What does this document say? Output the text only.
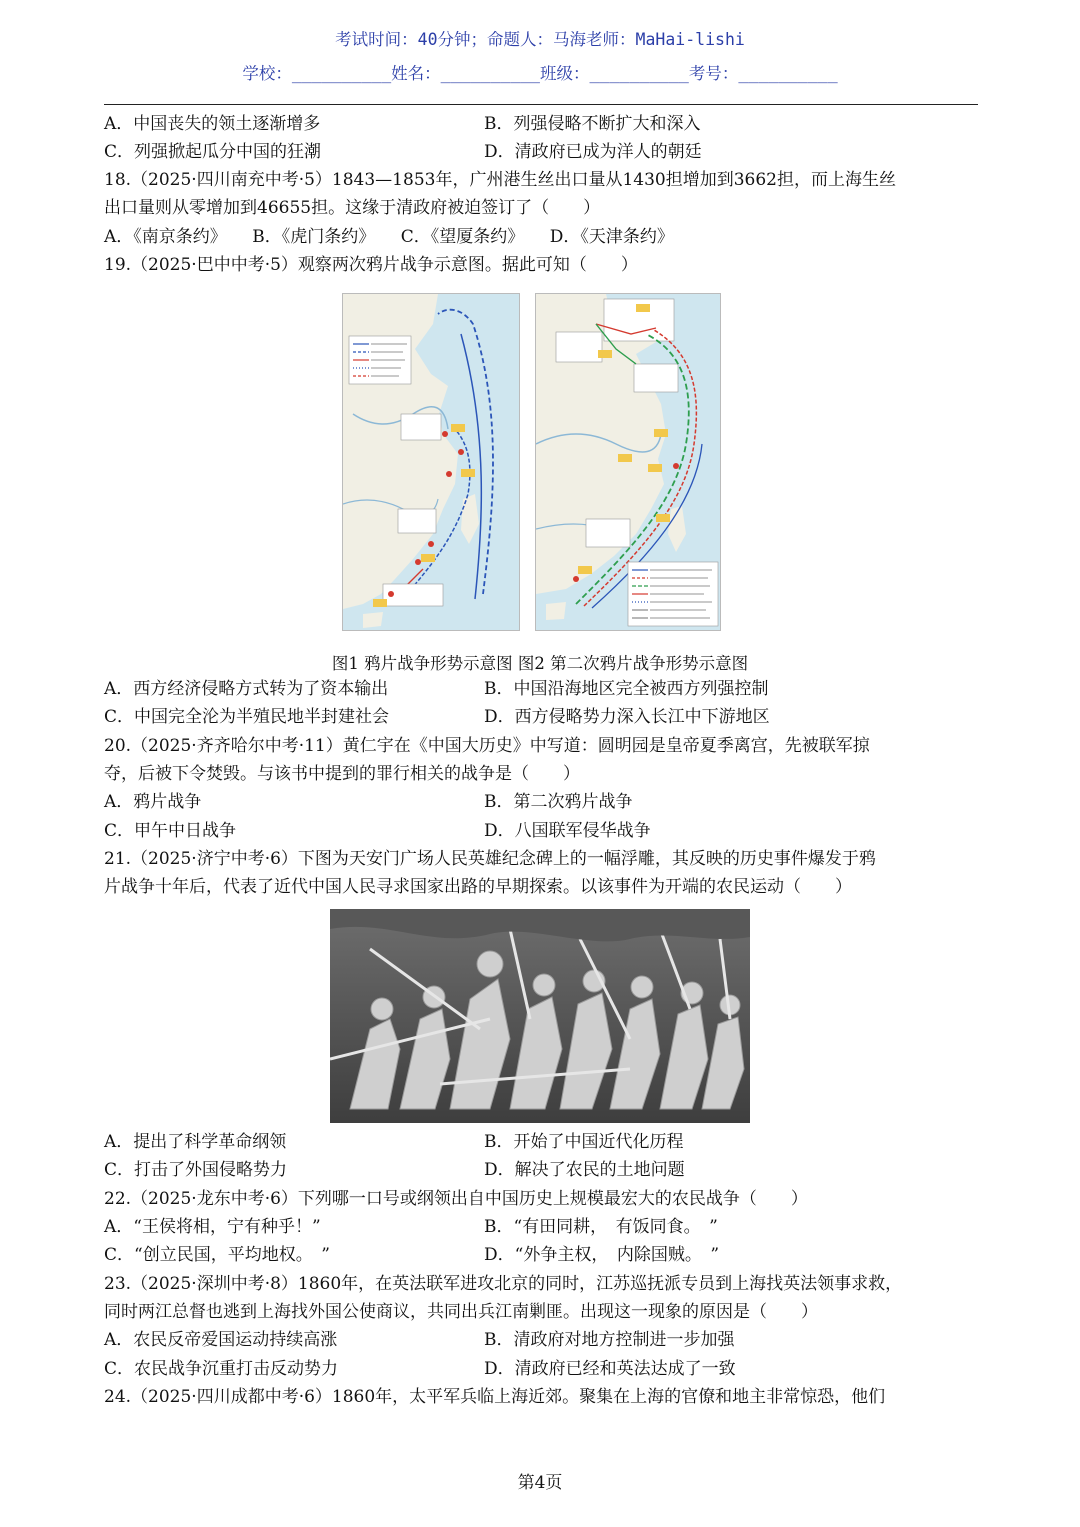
考试时间：40分钟；命题人：马海老师：MaHai-lishi
学校：__________姓名：__________班级：__________考号：__________
A．中国丧失的领土逐渐增多	B．列强侵略不断扩大和深入
C．列强掀起瓜分中国的狂潮	D．清政府已成为洋人的朝廷
18.（2025·四川南充中考·5）1843—1853年，广州港生丝出口量从1430担增加到3662担，而上海生丝
出口量则从零增加到46655担。这缘于清政府被迫签订了（　　）
A．《南京条约》　　B．《虎门条约》　　C．《望厦条约》　　D．《天津条约》
19.（2025·巴中中考·5）观察两次鸦片战争示意图。据此可知（　　）
图1 鸦片战争形势示意图 图2 第二次鸦片战争形势示意图
A．西方经济侵略方式转为了资本输出	B．中国沿海地区完全被西方列强控制
C．中国完全沦为半殖民地半封建社会	D．西方侵略势力深入长江中下游地区
20.（2025·齐齐哈尔中考·11）黄仁宇在《中国大历史》中写道：圆明园是皇帝夏季离宫，先被联军掠
夺，后被下令焚毁。与该书中提到的罪行相关的战争是（　　）
A．鸦片战争	B．第二次鸦片战争
C．甲午中日战争	D．八国联军侵华战争
21.（2025·济宁中考·6）下图为天安门广场人民英雄纪念碑上的一幅浮雕，其反映的历史事件爆发于鸦
片战争十年后，代表了近代中国人民寻求国家出路的早期探索。以该事件为开端的农民运动（　　）
A．提出了科学革命纲领	B．开始了中国近代化历程
C．打击了外国侵略势力	D．解决了农民的土地问题
22.（2025·龙东中考·6）下列哪一口号或纲领出自中国历史上规模最宏大的农民战争（　　）
A．“王侯将相，宁有种乎！”	B．“有田同耕，　有饭同食。　”
C．“创立民国，平均地权。　”	D．“外争主权，　内除国贼。　”
23.（2025·深圳中考·8）1860年，在英法联军进攻北京的同时，江苏巡抚派专员到上海找英法领事求救，
同时两江总督也逃到上海找外国公使商议，共同出兵江南剿匪。出现这一现象的原因是（　　）
A．农民反帝爱国运动持续高涨	B．清政府对地方控制进一步加强
C．农民战争沉重打击反动势力	D．清政府已经和英法达成了一致
24.（2025·四川成都中考·6）1860年，太平军兵临上海近郊。聚集在上海的官僚和地主非常惊恐，他们
第4页
